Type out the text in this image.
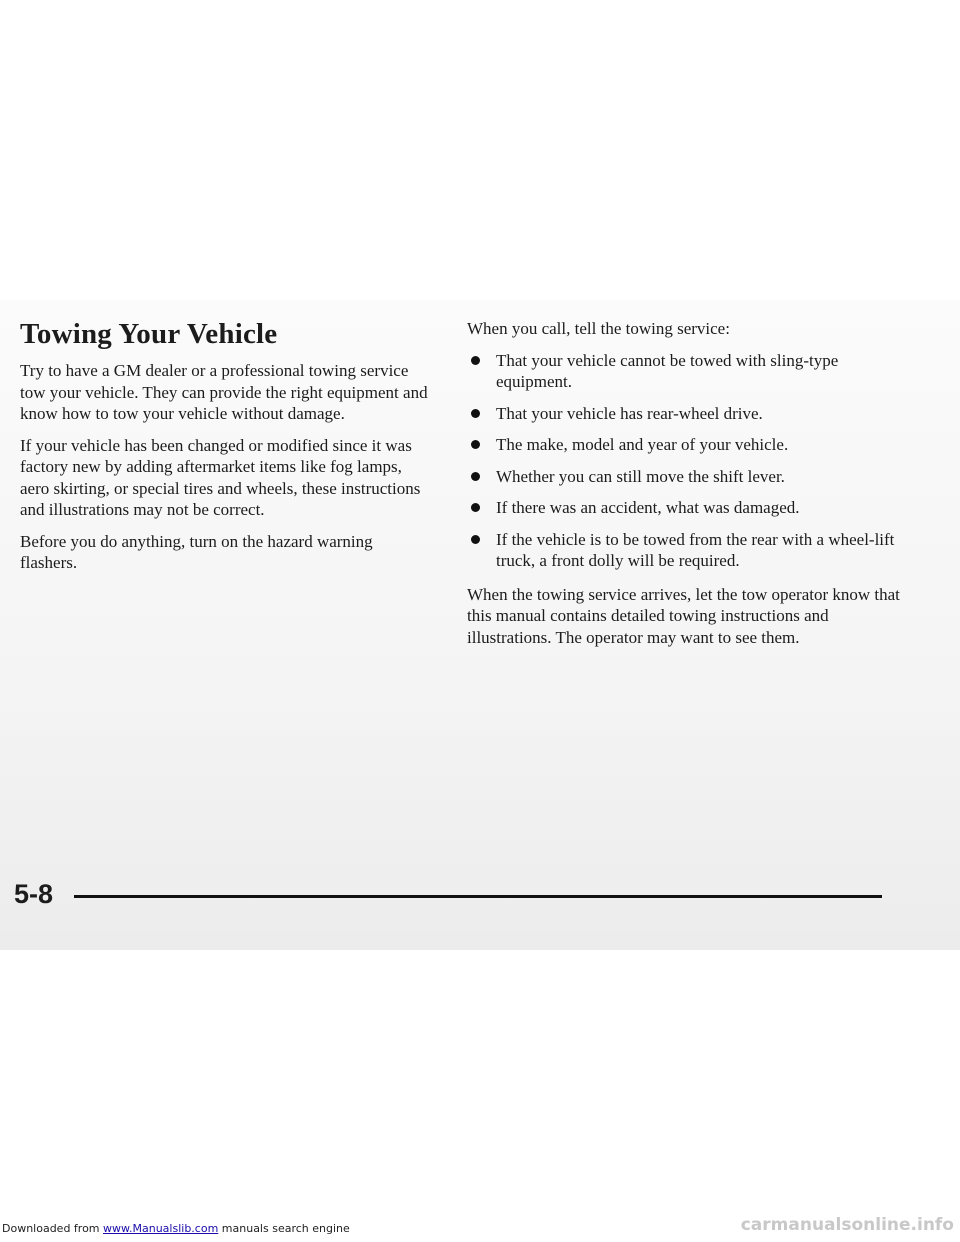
Towing Your Vehicle

Try to have a GM dealer or a professional towing service tow your vehicle. They can provide the right equipment and know how to tow your vehicle without damage.

If your vehicle has been changed or modified since it was factory new by adding aftermarket items like fog lamps, aero skirting, or special tires and wheels, these instructions and illustrations may not be correct.

Before you do anything, turn on the hazard warning flashers.

When you call, tell the towing service:

That your vehicle cannot be towed with sling-type equipment.
That your vehicle has rear-wheel drive.
The make, model and year of your vehicle.
Whether you can still move the shift lever.
If there was an accident, what was damaged.
If the vehicle is to be towed from the rear with a wheel-lift truck, a front dolly will be required.

When the towing service arrives, let the tow operator know that this manual contains detailed towing instructions and illustrations. The operator may want to see them.

5-8
Downloaded from www.Manualslib.com manuals search engine	carmanualsonline.info
